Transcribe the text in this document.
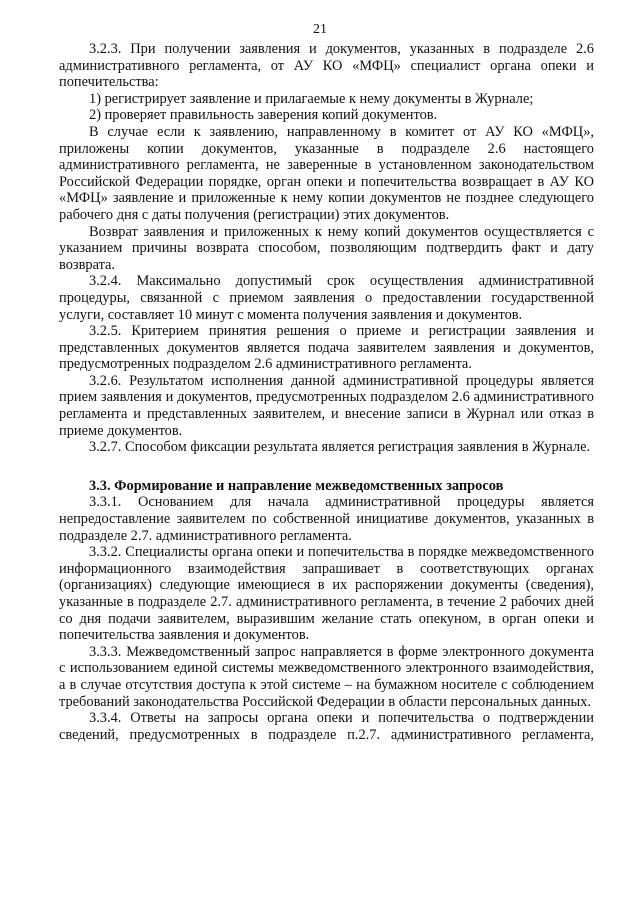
21

3.2.3. При получении заявления и документов, указанных в подразделе 2.6 административного регламента, от АУ КО «МФЦ» специалист органа опеки и попечительства:

1) регистрирует заявление и прилагаемые к нему документы в Журнале;

2) проверяет правильность заверения копий документов.

В случае если к заявлению, направленному в комитет от АУ КО «МФЦ», приложены копии документов, указанные в подразделе 2.6 настоящего административного регламента, не заверенные в установленном законодательством Российской Федерации порядке, орган опеки и попечительства возвращает в АУ КО «МФЦ» заявление и приложенные к нему копии документов не позднее следующего рабочего дня с даты получения (регистрации) этих документов.

Возврат заявления и приложенных к нему копий документов осуществляется с указанием причины возврата способом, позволяющим подтвердить факт и дату возврата.

3.2.4. Максимально допустимый срок осуществления административной процедуры, связанной с приемом заявления о предоставлении государственной услуги, составляет 10 минут с момента получения заявления и документов.

3.2.5. Критерием принятия решения о приеме и регистрации заявления и представленных документов является подача заявителем заявления и документов, предусмотренных подразделом 2.6 административного регламента.

3.2.6. Результатом исполнения данной административной процедуры является прием заявления и документов, предусмотренных подразделом 2.6 административного регламента и представленных заявителем, и внесение записи в Журнал или отказ в приеме документов.

3.2.7. Способом фиксации результата является регистрация заявления в Журнале.

3.3. Формирование и направление межведомственных запросов

3.3.1. Основанием для начала административной процедуры является непредоставление заявителем по собственной инициативе документов, указанных в подразделе 2.7. административного регламента.

3.3.2. Специалисты органа опеки и попечительства в порядке межведомственного информационного взаимодействия запрашивает в соответствующих органах (организациях) следующие имеющиеся в их распоряжении документы (сведения), указанные в подразделе 2.7. административного регламента, в течение 2 рабочих дней со дня подачи заявителем, выразившим желание стать опекуном, в орган опеки и попечительства заявления и документов.

3.3.3. Межведомственный запрос направляется в форме электронного документа с использованием единой системы межведомственного электронного взаимодействия, а в случае отсутствия доступа к этой системе – на бумажном носителе с соблюдением требований законодательства Российской Федерации в области персональных данных.

3.3.4. Ответы на запросы органа опеки и попечительства о подтверждении сведений, предусмотренных в подразделе п.2.7. административного регламента,
